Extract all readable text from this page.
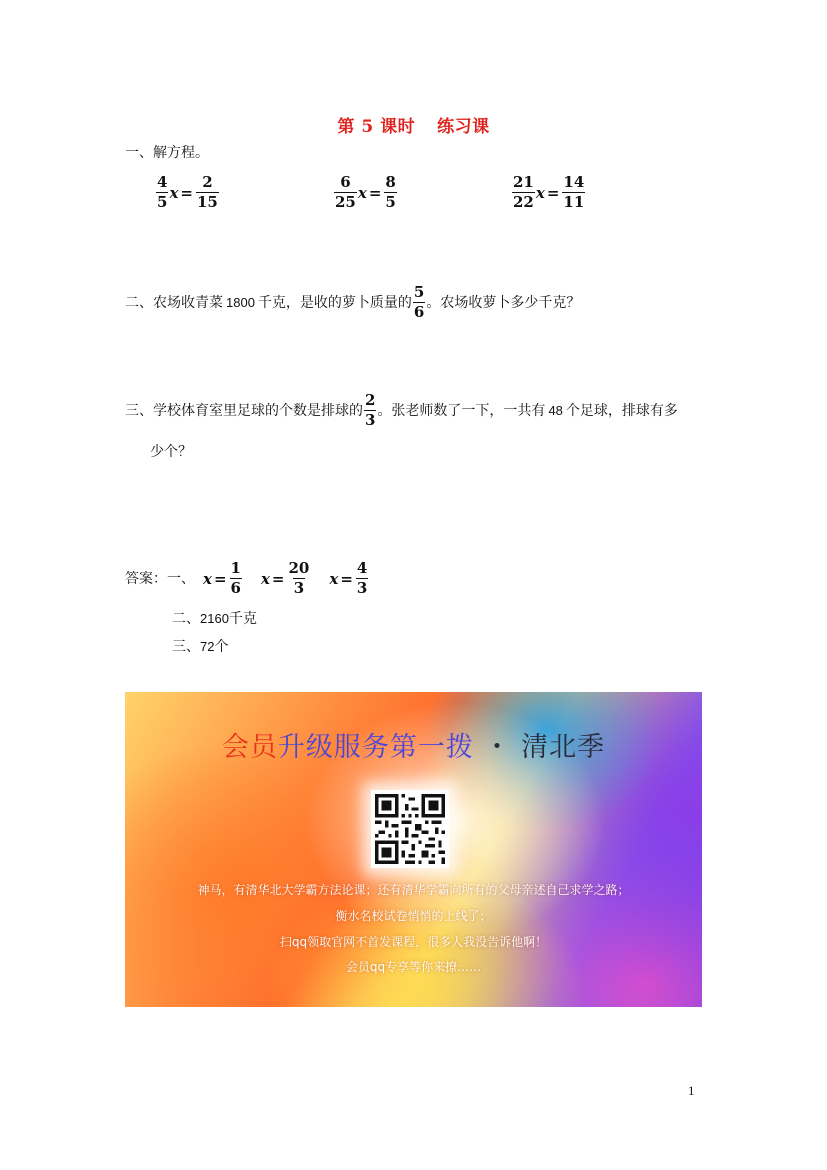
第 5 课时 练习课
一、解方程。
$\frac{4}{5}$ $x = \frac{2}{15}$	$\frac{6}{25}$ $x = \frac{8}{5}$	$\frac{21}{22}$ $x = \frac{14}{11}$
二、农场收青菜 1800 千克，是收的萝卜质量的 $\frac{5}{6}$ 。农场收萝卜多少千克？
三、学校体育室里足球的个数是排球的 $\frac{2}{3}$ 。张老师数了一下，一共有 48 个足球，排球有多
少个？
答案：一、 $x = \frac{1}{6}$ $x = \frac{20}{3}$ $x = \frac{4}{3}$
二、2160千克
三、72个
会员升级服务第一拨 ・ 清北季
神马，有清华北大学霸方法论课；还有清华学霸向所有的父母亲述自己求学之路；
衡水名校试卷悄悄的上线了；
扫qq领取官网不首发课程，很多人我没告诉他啊！
会员qq专享等你来撩……
1
